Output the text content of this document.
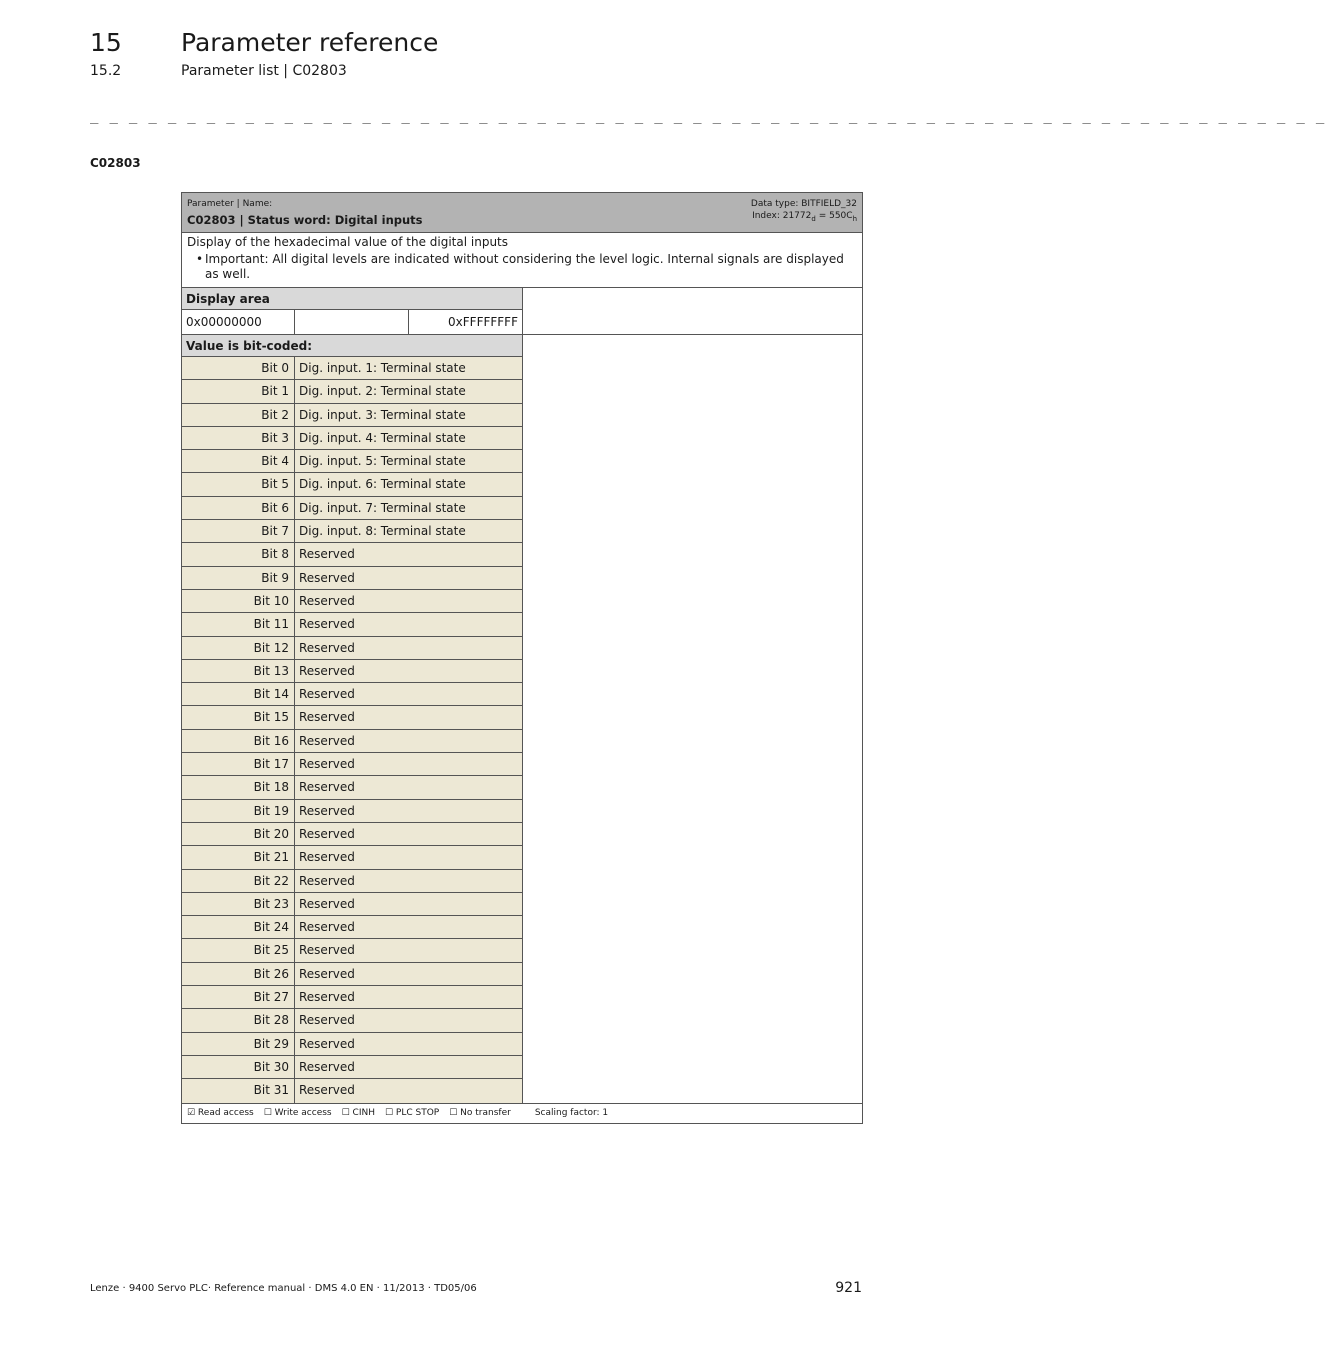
15 Parameter reference
15.2	Parameter list | C02803
_ _ _ _ _ _ _ _ _ _ _ _ _ _ _ _ _ _ _ _ _ _ _ _ _ _ _ _ _ _ _ _ _ _ _ _ _ _ _ _ _ _ _ _ _ _ _ _ _ _ _ _ _ _ _ _ _ _ _ _ _ _ _ _
C02803
Parameter | Name:
C02803 | Status word: Digital inputs
Data type: BITFIELD_32
Index: $21772_d = 550C_h$
Display of the hexadecimal value of the digital inputs
• Important: All digital levels are indicated without considering the level logic. Internal signals are displayed as well.
Display area
0x00000000	0xFFFFFFFF
Value is bit-coded:
Bit 0 Dig. input. 1: Terminal state
Bit 1 Dig. input. 2: Terminal state
Bit 2 Dig. input. 3: Terminal state
Bit 3 Dig. input. 4: Terminal state
Bit 4 Dig. input. 5: Terminal state
Bit 5 Dig. input. 6: Terminal state
Bit 6 Dig. input. 7: Terminal state
Bit 7 Dig. input. 8: Terminal state
Bit 8 Reserved
Bit 9 Reserved
Bit 10 Reserved
Bit 11 Reserved
Bit 12 Reserved
Bit 13 Reserved
Bit 14 Reserved
Bit 15 Reserved
Bit 16 Reserved
Bit 17 Reserved
Bit 18 Reserved
Bit 19 Reserved
Bit 20 Reserved
Bit 21 Reserved
Bit 22 Reserved
Bit 23 Reserved
Bit 24 Reserved
Bit 25 Reserved
Bit 26 Reserved
Bit 27 Reserved
Bit 28 Reserved
Bit 29 Reserved
Bit 30 Reserved
Bit 31 Reserved
☑ Read access ☐ Write access ☐ CINH ☐ PLC STOP ☐ No transfer	Scaling factor: 1
Lenze · 9400 Servo PLC· Reference manual · DMS 4.0 EN · 11/2013 · TD05/06	921
